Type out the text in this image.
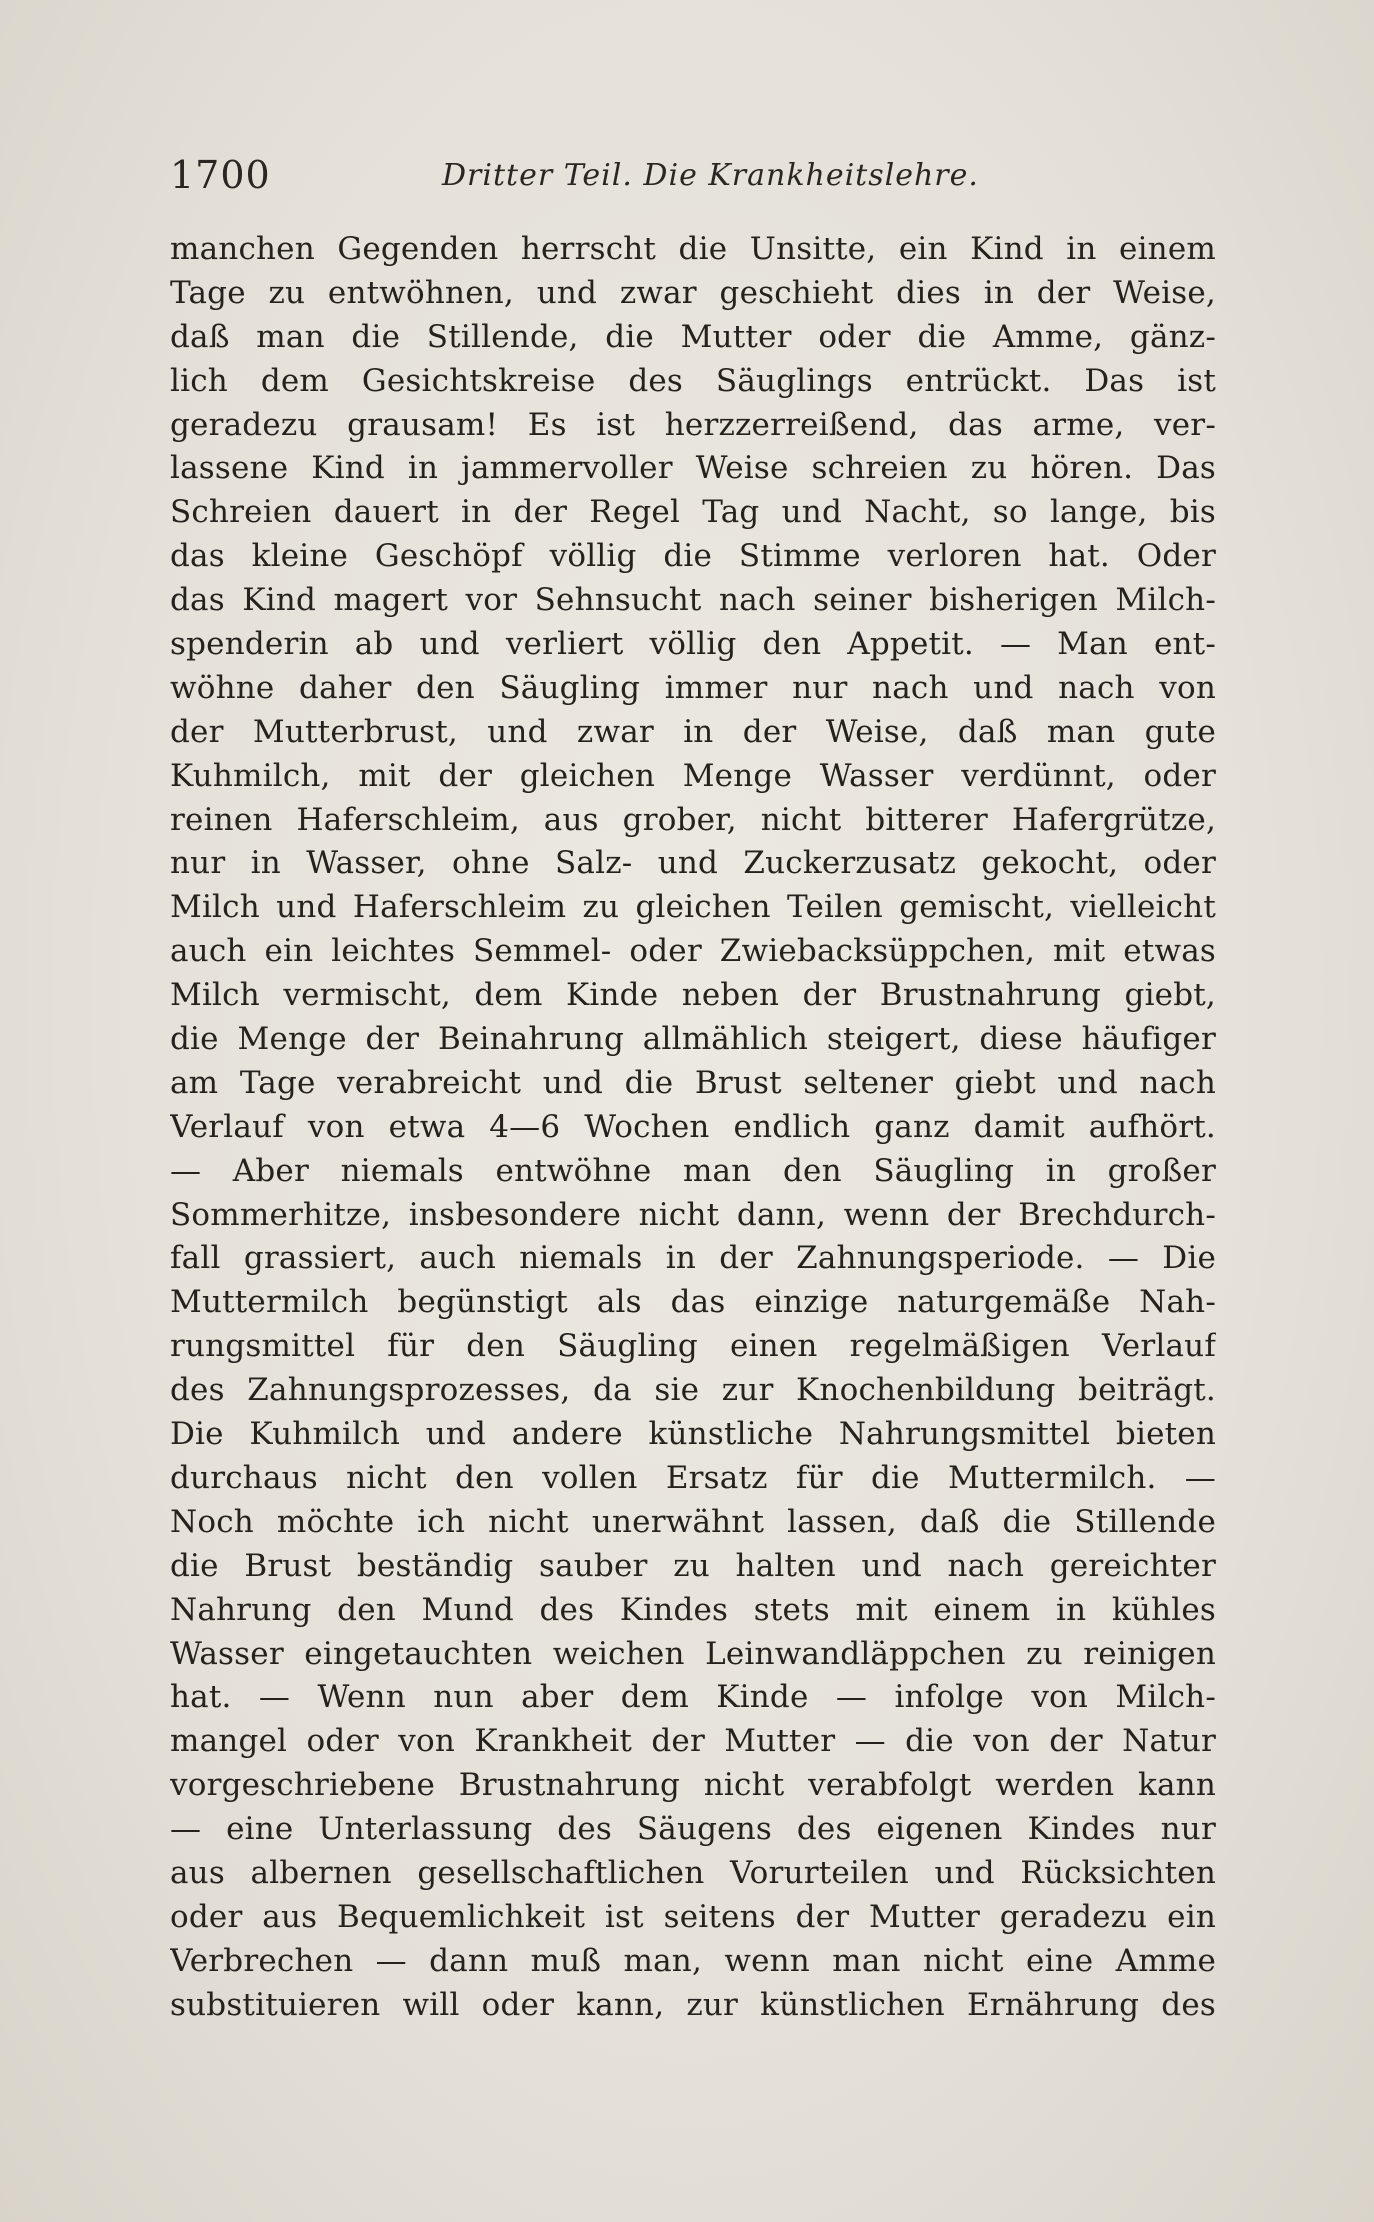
1700	Dritter Teil. Die Krankheitslehre.
manchen Gegenden herrscht die Unsitte, ein Kind in einem
Tage zu entwöhnen, und zwar geschieht dies in der Weise,
daß man die Stillende, die Mutter oder die Amme, gänz-
lich dem Gesichtskreise des Säuglings entrückt. Das ist
geradezu grausam! Es ist herzzerreißend, das arme, ver-
lassene Kind in jammervoller Weise schreien zu hören. Das
Schreien dauert in der Regel Tag und Nacht, so lange, bis
das kleine Geschöpf völlig die Stimme verloren hat. Oder
das Kind magert vor Sehnsucht nach seiner bisherigen Milch-
spenderin ab und verliert völlig den Appetit. — Man ent-
wöhne daher den Säugling immer nur nach und nach von
der Mutterbrust, und zwar in der Weise, daß man gute
Kuhmilch, mit der gleichen Menge Wasser verdünnt, oder
reinen Haferschleim, aus grober, nicht bitterer Hafergrütze,
nur in Wasser, ohne Salz- und Zuckerzusatz gekocht, oder
Milch und Haferschleim zu gleichen Teilen gemischt, vielleicht
auch ein leichtes Semmel- oder Zwiebacksüppchen, mit etwas
Milch vermischt, dem Kinde neben der Brustnahrung giebt,
die Menge der Beinahrung allmählich steigert, diese häufiger
am Tage verabreicht und die Brust seltener giebt und nach
Verlauf von etwa 4—6 Wochen endlich ganz damit aufhört.
— Aber niemals entwöhne man den Säugling in großer
Sommerhitze, insbesondere nicht dann, wenn der Brechdurch-
fall grassiert, auch niemals in der Zahnungsperiode. — Die
Muttermilch begünstigt als das einzige naturgemäße Nah-
rungsmittel für den Säugling einen regelmäßigen Verlauf
des Zahnungsprozesses, da sie zur Knochenbildung beiträgt.
Die Kuhmilch und andere künstliche Nahrungsmittel bieten
durchaus nicht den vollen Ersatz für die Muttermilch. —
Noch möchte ich nicht unerwähnt lassen, daß die Stillende
die Brust beständig sauber zu halten und nach gereichter
Nahrung den Mund des Kindes stets mit einem in kühles
Wasser eingetauchten weichen Leinwandläppchen zu reinigen
hat. — Wenn nun aber dem Kinde — infolge von Milch-
mangel oder von Krankheit der Mutter — die von der Natur
vorgeschriebene Brustnahrung nicht verabfolgt werden kann
— eine Unterlassung des Säugens des eigenen Kindes nur
aus albernen gesellschaftlichen Vorurteilen und Rücksichten
oder aus Bequemlichkeit ist seitens der Mutter geradezu ein
Verbrechen — dann muß man, wenn man nicht eine Amme
substituieren will oder kann, zur künstlichen Ernährung des
